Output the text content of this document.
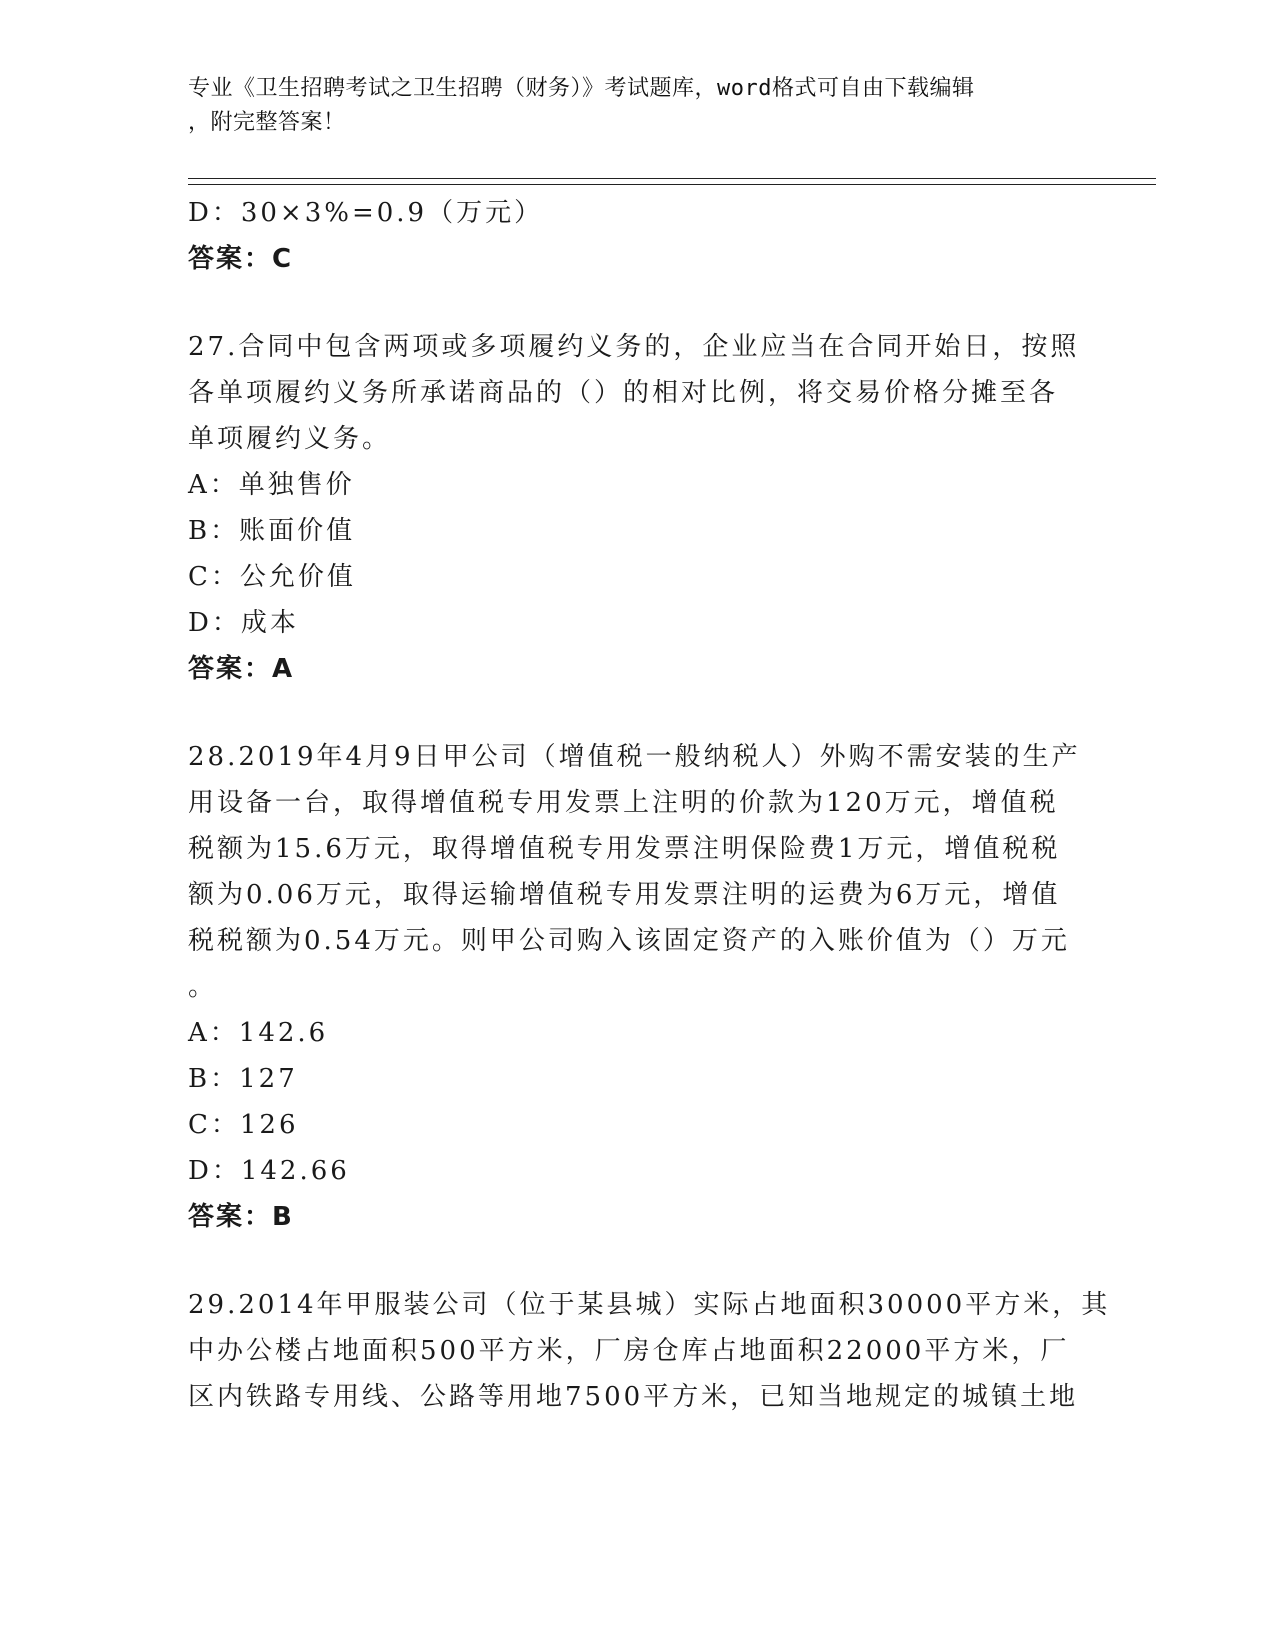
专业《卫生招聘考试之卫生招聘（财务）》考试题库，word格式可自由下载编辑
，附完整答案！
D：30×3%=0.9（万元）
答案：C
27.合同中包含两项或多项履约义务的，企业应当在合同开始日，按照
各单项履约义务所承诺商品的（）的相对比例，将交易价格分摊至各
单项履约义务。
A：单独售价
B：账面价值
C：公允价值
D：成本
答案：A
28.2019年4月9日甲公司（增值税一般纳税人）外购不需安装的生产
用设备一台，取得增值税专用发票上注明的价款为120万元，增值税
税额为15.6万元，取得增值税专用发票注明保险费1万元，增值税税
额为0.06万元，取得运输增值税专用发票注明的运费为6万元，增值
税税额为0.54万元。则甲公司购入该固定资产的入账价值为（）万元
。
A：142.6
B：127
C：126
D：142.66
答案：B
29.2014年甲服装公司（位于某县城）实际占地面积30000平方米，其
中办公楼占地面积500平方米，厂房仓库占地面积22000平方米，厂
区内铁路专用线、公路等用地7500平方米，已知当地规定的城镇土地
